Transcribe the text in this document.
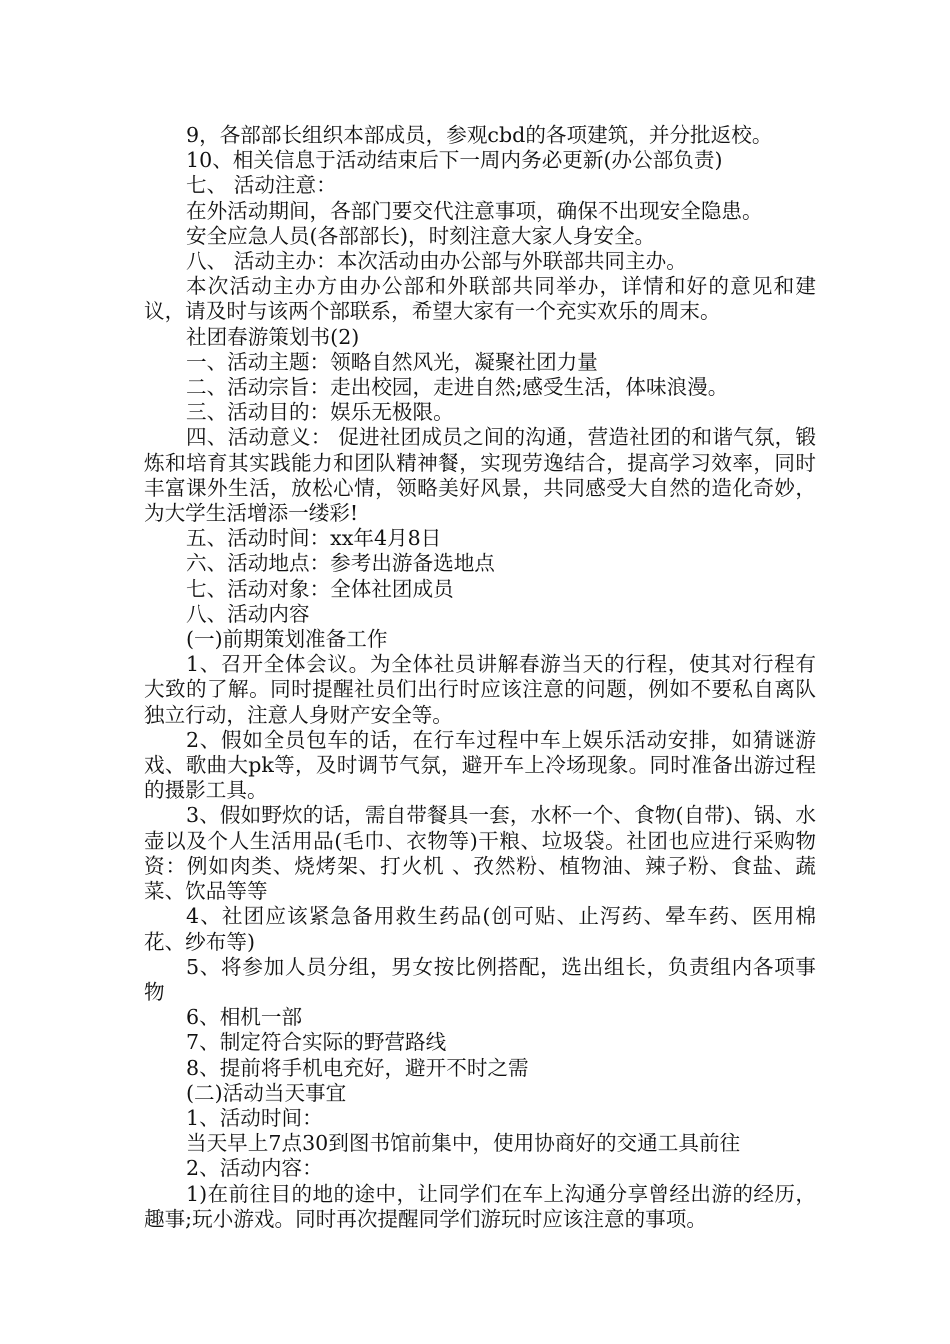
9，各部部长组织本部成员，参观cbd的各项建筑，并分批返校。

10、相关信息于活动结束后下一周内务必更新(办公部负责)

七、 活动注意：

在外活动期间，各部门要交代注意事项，确保不出现安全隐患。

安全应急人员(各部部长)，时刻注意大家人身安全。

八、 活动主办：本次活动由办公部与外联部共同主办。

本次活动主办方由办公部和外联部共同举办，详情和好的意见和建议，请及时与该两个部联系，希望大家有一个充实欢乐的周末。

社团春游策划书(2)

一、活动主题：领略自然风光，凝聚社团力量

二、活动宗旨：走出校园，走进自然;感受生活，体味浪漫。

三、活动目的：娱乐无极限。

四、活动意义： 促进社团成员之间的沟通，营造社团的和谐气氛，锻炼和培育其实践能力和团队精神餐，实现劳逸结合，提高学习效率，同时丰富课外生活，放松心情，领略美好风景，共同感受大自然的造化奇妙，为大学生活增添一缕彩!

五、活动时间：xx年4月8日

六、活动地点：参考出游备选地点

七、活动对象：全体社团成员

八、活动内容

(一)前期策划准备工作

1、召开全体会议。为全体社员讲解春游当天的行程，使其对行程有大致的了解。同时提醒社员们出行时应该注意的问题，例如不要私自离队独立行动，注意人身财产安全等。

2、假如全员包车的话，在行车过程中车上娱乐活动安排，如猜谜游戏、歌曲大pk等，及时调节气氛，避开车上冷场现象。同时准备出游过程的摄影工具。

3、假如野炊的话，需自带餐具一套，水杯一个、食物(自带)、锅、水壶以及个人生活用品(毛巾、衣物等)干粮、垃圾袋。社团也应进行采购物资：例如肉类、烧烤架、打火机 、孜然粉、植物油、辣子粉、食盐、蔬菜、饮品等等

4、社团应该紧急备用救生药品(创可贴、止泻药、晕车药、医用棉花、纱布等)

5、将参加人员分组，男女按比例搭配，选出组长，负责组内各项事物

6、相机一部

7、制定符合实际的野营路线

8、提前将手机电充好，避开不时之需

(二)活动当天事宜

1、活动时间：

当天早上7点30到图书馆前集中，使用协商好的交通工具前往

2、活动内容：

1)在前往目的地的途中，让同学们在车上沟通分享曾经出游的经历，趣事;玩小游戏。同时再次提醒同学们游玩时应该注意的事项。
